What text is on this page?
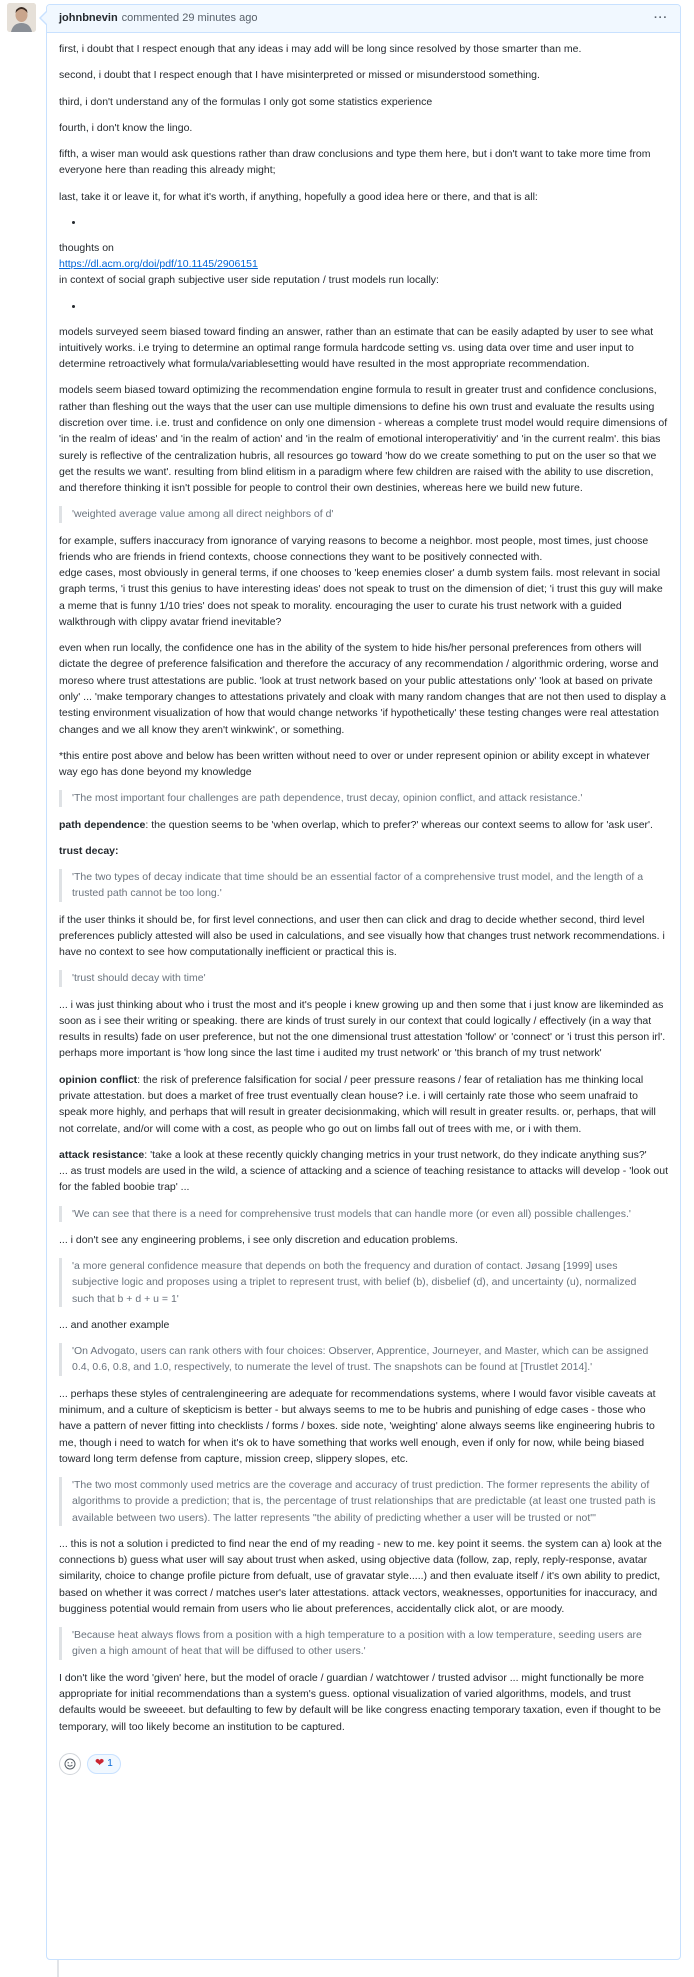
johnbnevin commented
29 minutes ago	···

first, i doubt that I respect enough that any ideas i may add will be long since resolved by those smarter than me.

second, i doubt that I respect enough that I have misinterpreted or missed or misunderstood something.

third, i don't understand any of the formulas I only got some statistics experience

fourth, i don't know the lingo.

fifth, a wiser man would ask questions rather than draw conclusions and type them here, but i don't want to take more time from everyone here than reading this already might;

last, take it or leave it, for what it's worth, if anything, hopefully a good idea here or there, and that is all:

•

thoughts on
https://dl.acm.org/doi/pdf/10.1145/2906151
in context of social graph subjective user side reputation / trust models run locally:

•

models surveyed seem biased toward finding an answer, rather than an estimate that can be easily adapted by user to see what intuitively works. i.e trying to determine an optimal range formula hardcode setting vs. using data over time and user input to determine retroactively what formula/variablesetting would have resulted in the most appropriate recommendation.

models seem biased toward optimizing the recommendation engine formula to result in greater trust and confidence conclusions, rather than fleshing out the ways that the user can use multiple dimensions to define his own trust and evaluate the results using discretion over time. i.e. trust and confidence on only one dimension - whereas a complete trust model would require dimensions of 'in the realm of ideas' and 'in the realm of action' and 'in the realm of emotional interoperativitiy' and 'in the current realm'. this bias surely is reflective of the centralization hubris, all resources go toward 'how do we create something to put on the user so that we get the results we want'. resulting from blind elitism in a paradigm where few children are raised with the ability to use discretion, and therefore thinking it isn't possible for people to control their own destinies, whereas here we build new future.

'weighted average value among all direct neighbors of d'

for example, suffers inaccuracy from ignorance of varying reasons to become a neighbor. most people, most times, just choose friends who are friends in friend contexts, choose connections they want to be positively connected with.
edge cases, most obviously in general terms, if one chooses to 'keep enemies closer' a dumb system fails. most relevant in social graph terms, 'i trust this genius to have interesting ideas' does not speak to trust on the dimension of diet; 'i trust this guy will make a meme that is funny 1/10 tries' does not speak to morality. encouraging the user to curate his trust network with a guided walkthrough with clippy avatar friend inevitable?

even when run locally, the confidence one has in the ability of the system to hide his/her personal preferences from others will dictate the degree of preference falsification and therefore the accuracy of any recommendation / algorithmic ordering, worse and moreso where trust attestations are public. 'look at trust network based on your public attestations only' 'look at based on private only' ... 'make temporary changes to attestations privately and cloak with many random changes that are not then used to display a testing environment visualization of how that would change networks 'if hypothetically' these testing changes were real attestation changes and we all know they aren't winkwink', or something.

*this entire post above and below has been written without need to over or under represent opinion or ability except in whatever way ego has done beyond my knowledge

'The most important four challenges are path dependence, trust decay, opinion conflict, and attack resistance.'

path dependence: the question seems to be 'when overlap, which to prefer?' whereas our context seems to allow for 'ask user'.

trust decay:

'The two types of decay indicate that time should be an essential factor of a comprehensive trust model, and the length of a trusted path cannot be too long.'

if the user thinks it should be, for first level connections, and user then can click and drag to decide whether second, third level preferences publicly attested will also be used in calculations, and see visually how that changes trust network recommendations. i have no context to see how computationally inefficient or practical this is.

'trust should decay with time'

... i was just thinking about who i trust the most and it's people i knew growing up and then some that i just know are likeminded as soon as i see their writing or speaking. there are kinds of trust surely in our context that could logically / effectively (in a way that results in results) fade on user preference, but not the one dimensional trust attestation 'follow' or 'connect' or 'i trust this person irl'. perhaps more important is 'how long since the last time i audited my trust network' or 'this branch of my trust network'

opinion conflict: the risk of preference falsification for social / peer pressure reasons / fear of retaliation has me thinking local private attestation. but does a market of free trust eventually clean house? i.e. i will certainly rate those who seem unafraid to speak more highly, and perhaps that will result in greater decisionmaking, which will result in greater results. or, perhaps, that will not correlate, and/or will come with a cost, as people who go out on limbs fall out of trees with me, or i with them.

attack resistance: 'take a look at these recently quickly changing metrics in your trust network, do they indicate anything sus?'
... as trust models are used in the wild, a science of attacking and a science of teaching resistance to attacks will develop - 'look out for the fabled boobie trap' ...

'We can see that there is a need for comprehensive trust models that can handle more (or even all) possible challenges.'

... i don't see any engineering problems, i see only discretion and education problems.

'a more general confidence measure that depends on both the frequency and duration of contact. Jøsang [1999] uses subjective logic and proposes using a triplet to represent trust, with belief (b), disbelief (d), and uncertainty (u), normalized such that b + d + u = 1'

... and another example

'On Advogato, users can rank others with four choices: Observer, Apprentice, Journeyer, and Master, which can be assigned 0.4, 0.6, 0.8, and 1.0, respectively, to numerate the level of trust. The snapshots can be found at [Trustlet 2014].'

... perhaps these styles of centralengineering are adequate for recommendations systems, where I would favor visible caveats at minimum, and a culture of skepticism is better - but always seems to me to be hubris and punishing of edge cases - those who have a pattern of never fitting into checklists / forms / boxes. side note, 'weighting' alone always seems like engineering hubris to me, though i need to watch for when it's ok to have something that works well enough, even if only for now, while being biased toward long term defense from capture, mission creep, slippery slopes, etc.

'The two most commonly used metrics are the coverage and accuracy of trust prediction. The former represents the ability of algorithms to provide a prediction; that is, the percentage of trust relationships that are predictable (at least one trusted path is available between two users). The latter represents "the ability of predicting whether a user will be trusted or not"'

... this is not a solution i predicted to find near the end of my reading - new to me. key point it seems. the system can a) look at the connections b) guess what user will say about trust when asked, using objective data (follow, zap, reply, reply-response, avatar similarity, choice to change profile picture from defualt, use of gravatar style.....) and then evaluate itself / it's own ability to predict, based on whether it was correct / matches user's later attestations. attack vectors, weaknesses, opportunities for inaccuracy, and bugginess potential would remain from users who lie about preferences, accidentally click alot, or are moody.

'Because heat always flows from a position with a high temperature to a position with a low temperature, seeding users are given a high amount of heat that will be diffused to other users.'

I don't like the word 'given' here, but the model of oracle / guardian / watchtower / trusted advisor ... might functionally be more appropriate for initial recommendations than a system's guess. optional visualization of varied algorithms, models, and trust defaults would be sweeeet. but defaulting to few by default will be like congress enacting temporary taxation, even if thought to be temporary, will too likely become an institution to be captured.

❤ 1
